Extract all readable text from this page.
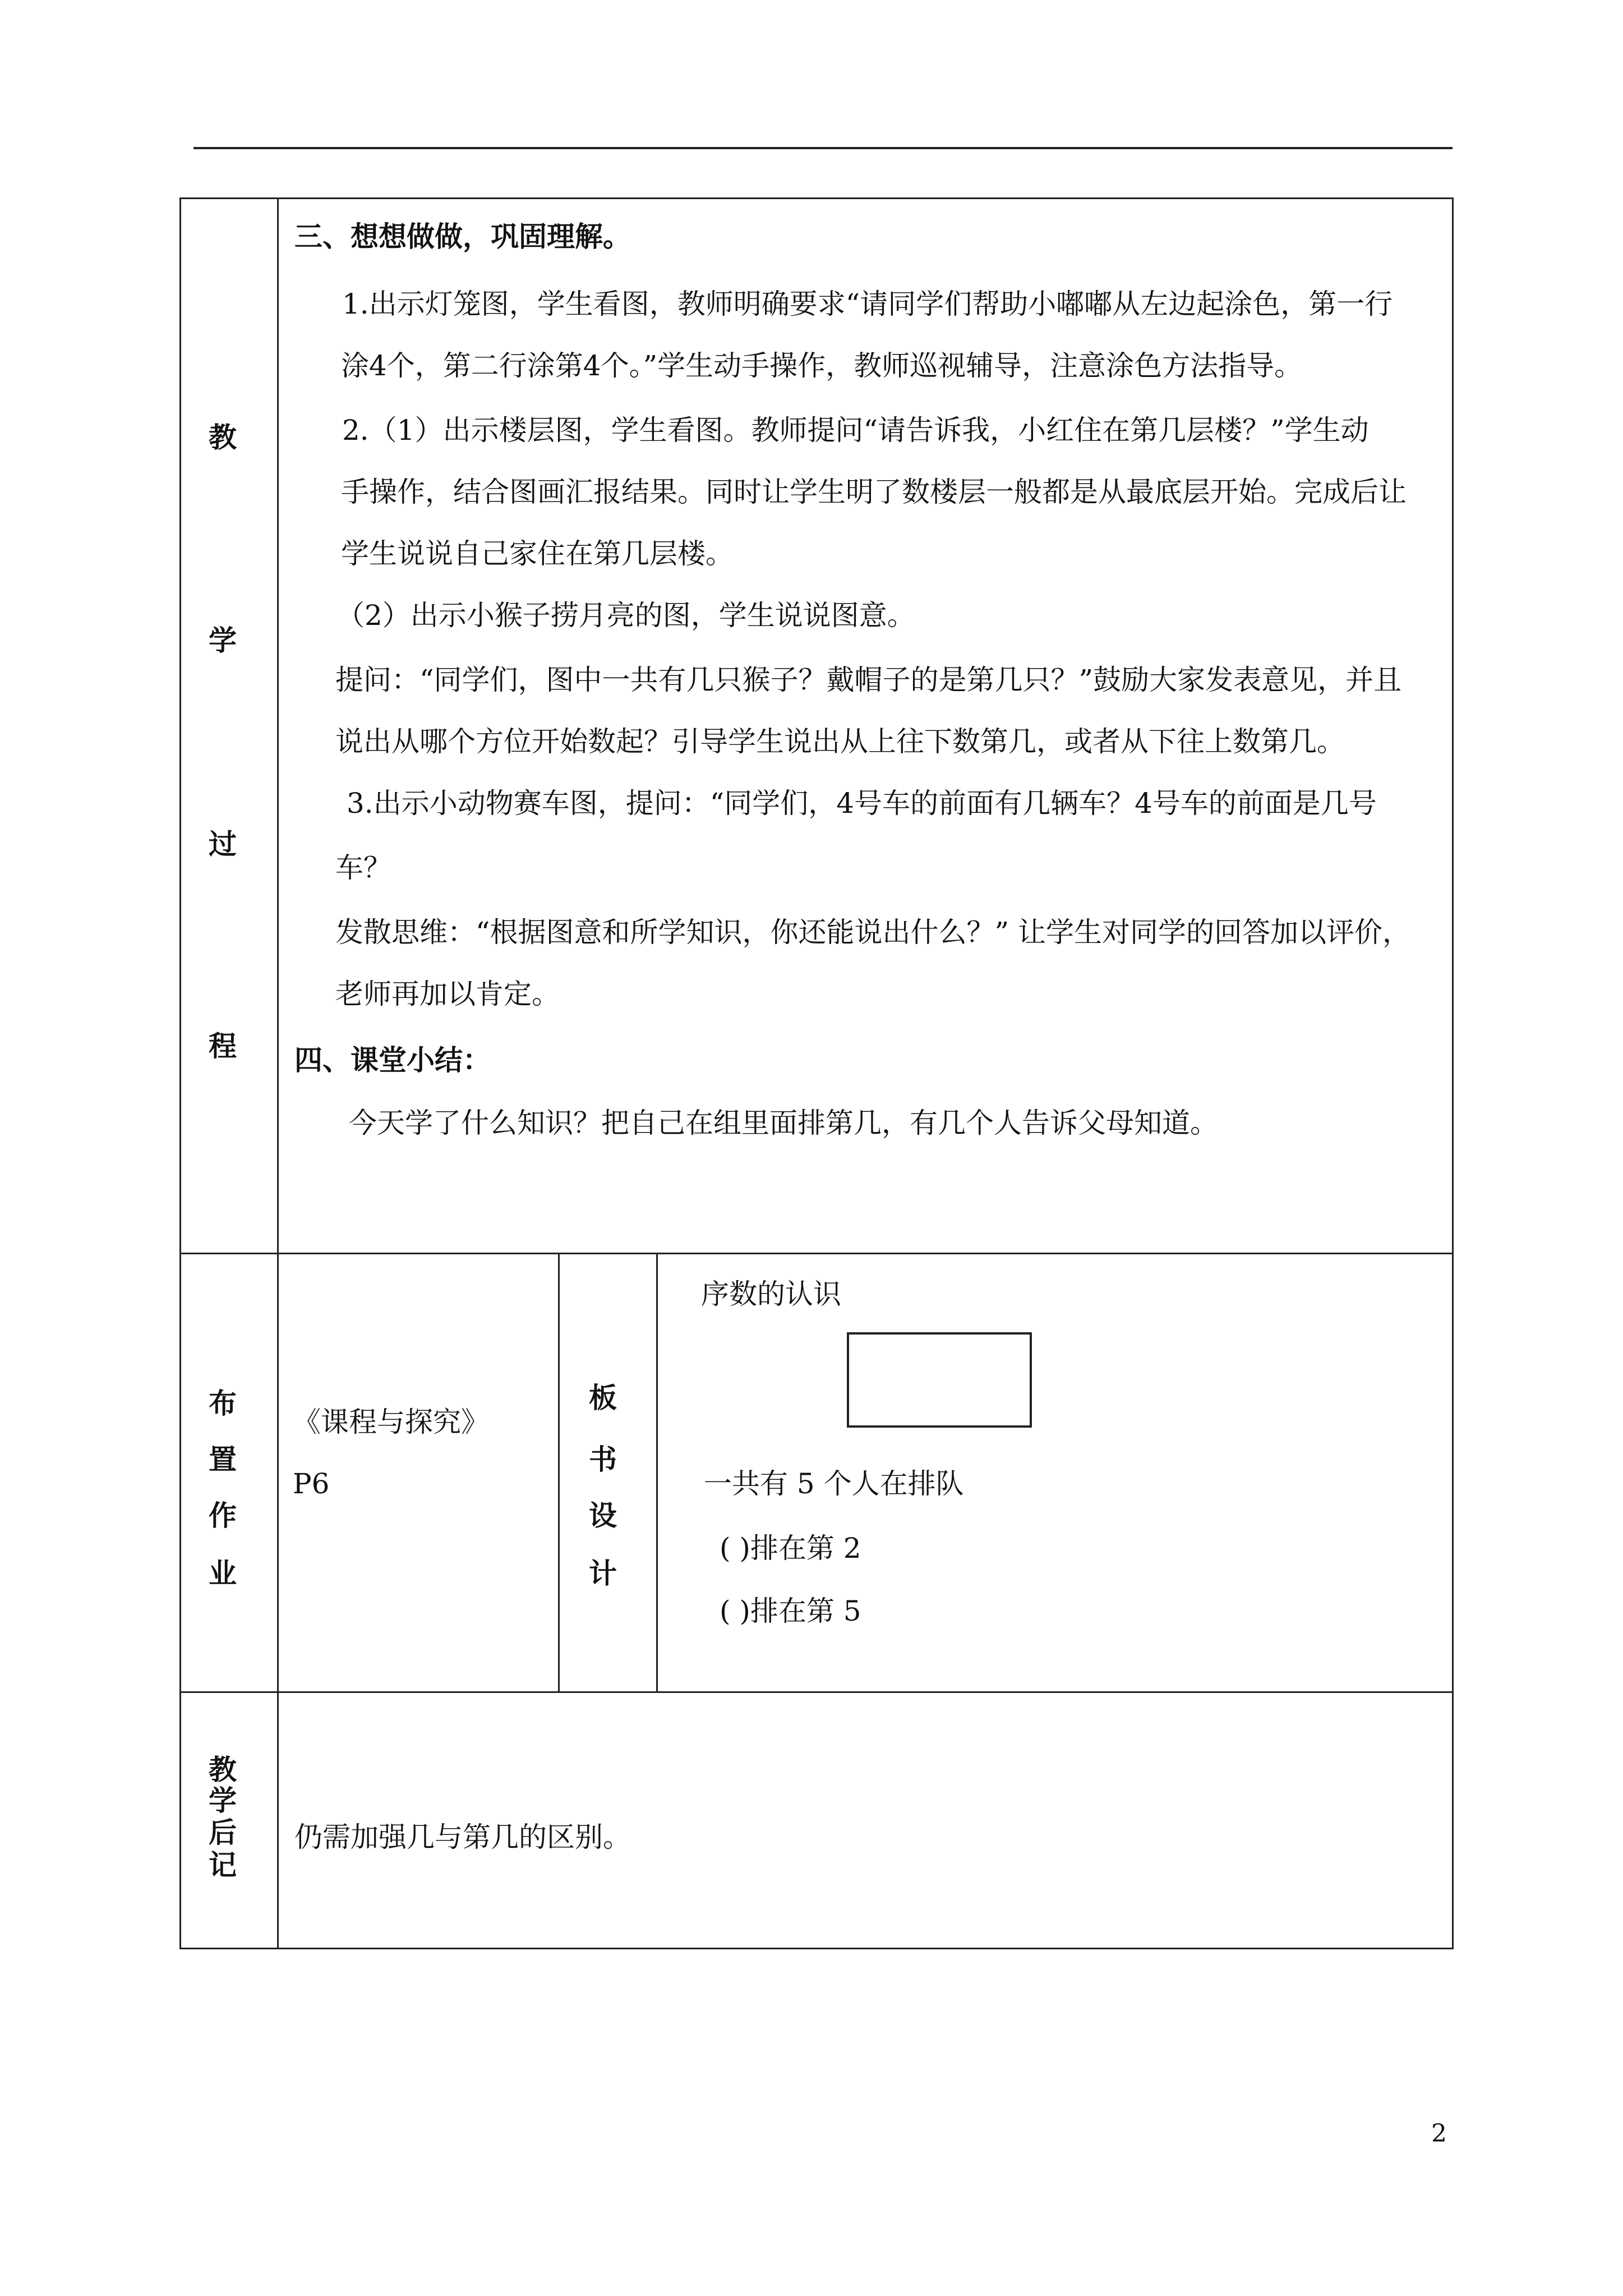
教
学
过
程
三、想想做做，巩固理解。
1.出示灯笼图，学生看图，教师明确要求“请同学们帮助小嘟嘟从左边起涂色，第一行
涂4个，第二行涂第4个。”学生动手操作，教师巡视辅导，注意涂色方法指导。
2.（1）出示楼层图，学生看图。教师提问“请告诉我，小红住在第几层楼？”学生动
手操作，结合图画汇报结果。同时让学生明了数楼层一般都是从最底层开始。完成后让
学生说说自己家住在第几层楼。
（2）出示小猴子捞月亮的图，学生说说图意。
提问：“同学们，图中一共有几只猴子？戴帽子的是第几只？”鼓励大家发表意见，并且
说出从哪个方位开始数起？引导学生说出从上往下数第几，或者从下往上数第几。
3.出示小动物赛车图，提问：“同学们，4号车的前面有几辆车？4号车的前面是几号
车？
发散思维：“根据图意和所学知识，你还能说出什么？” 让学生对同学的回答加以评价，
老师再加以肯定。
四、课堂小结：
今天学了什么知识？把自己在组里面排第几，有几个人告诉父母知道。
布
置
作
业
《课程与探究》
P6
板
书
设
计
序数的认识
一共有 5 个人在排队
( )排在第 2
( )排在第 5
教
学
后
记
仍需加强几与第几的区别。
2
